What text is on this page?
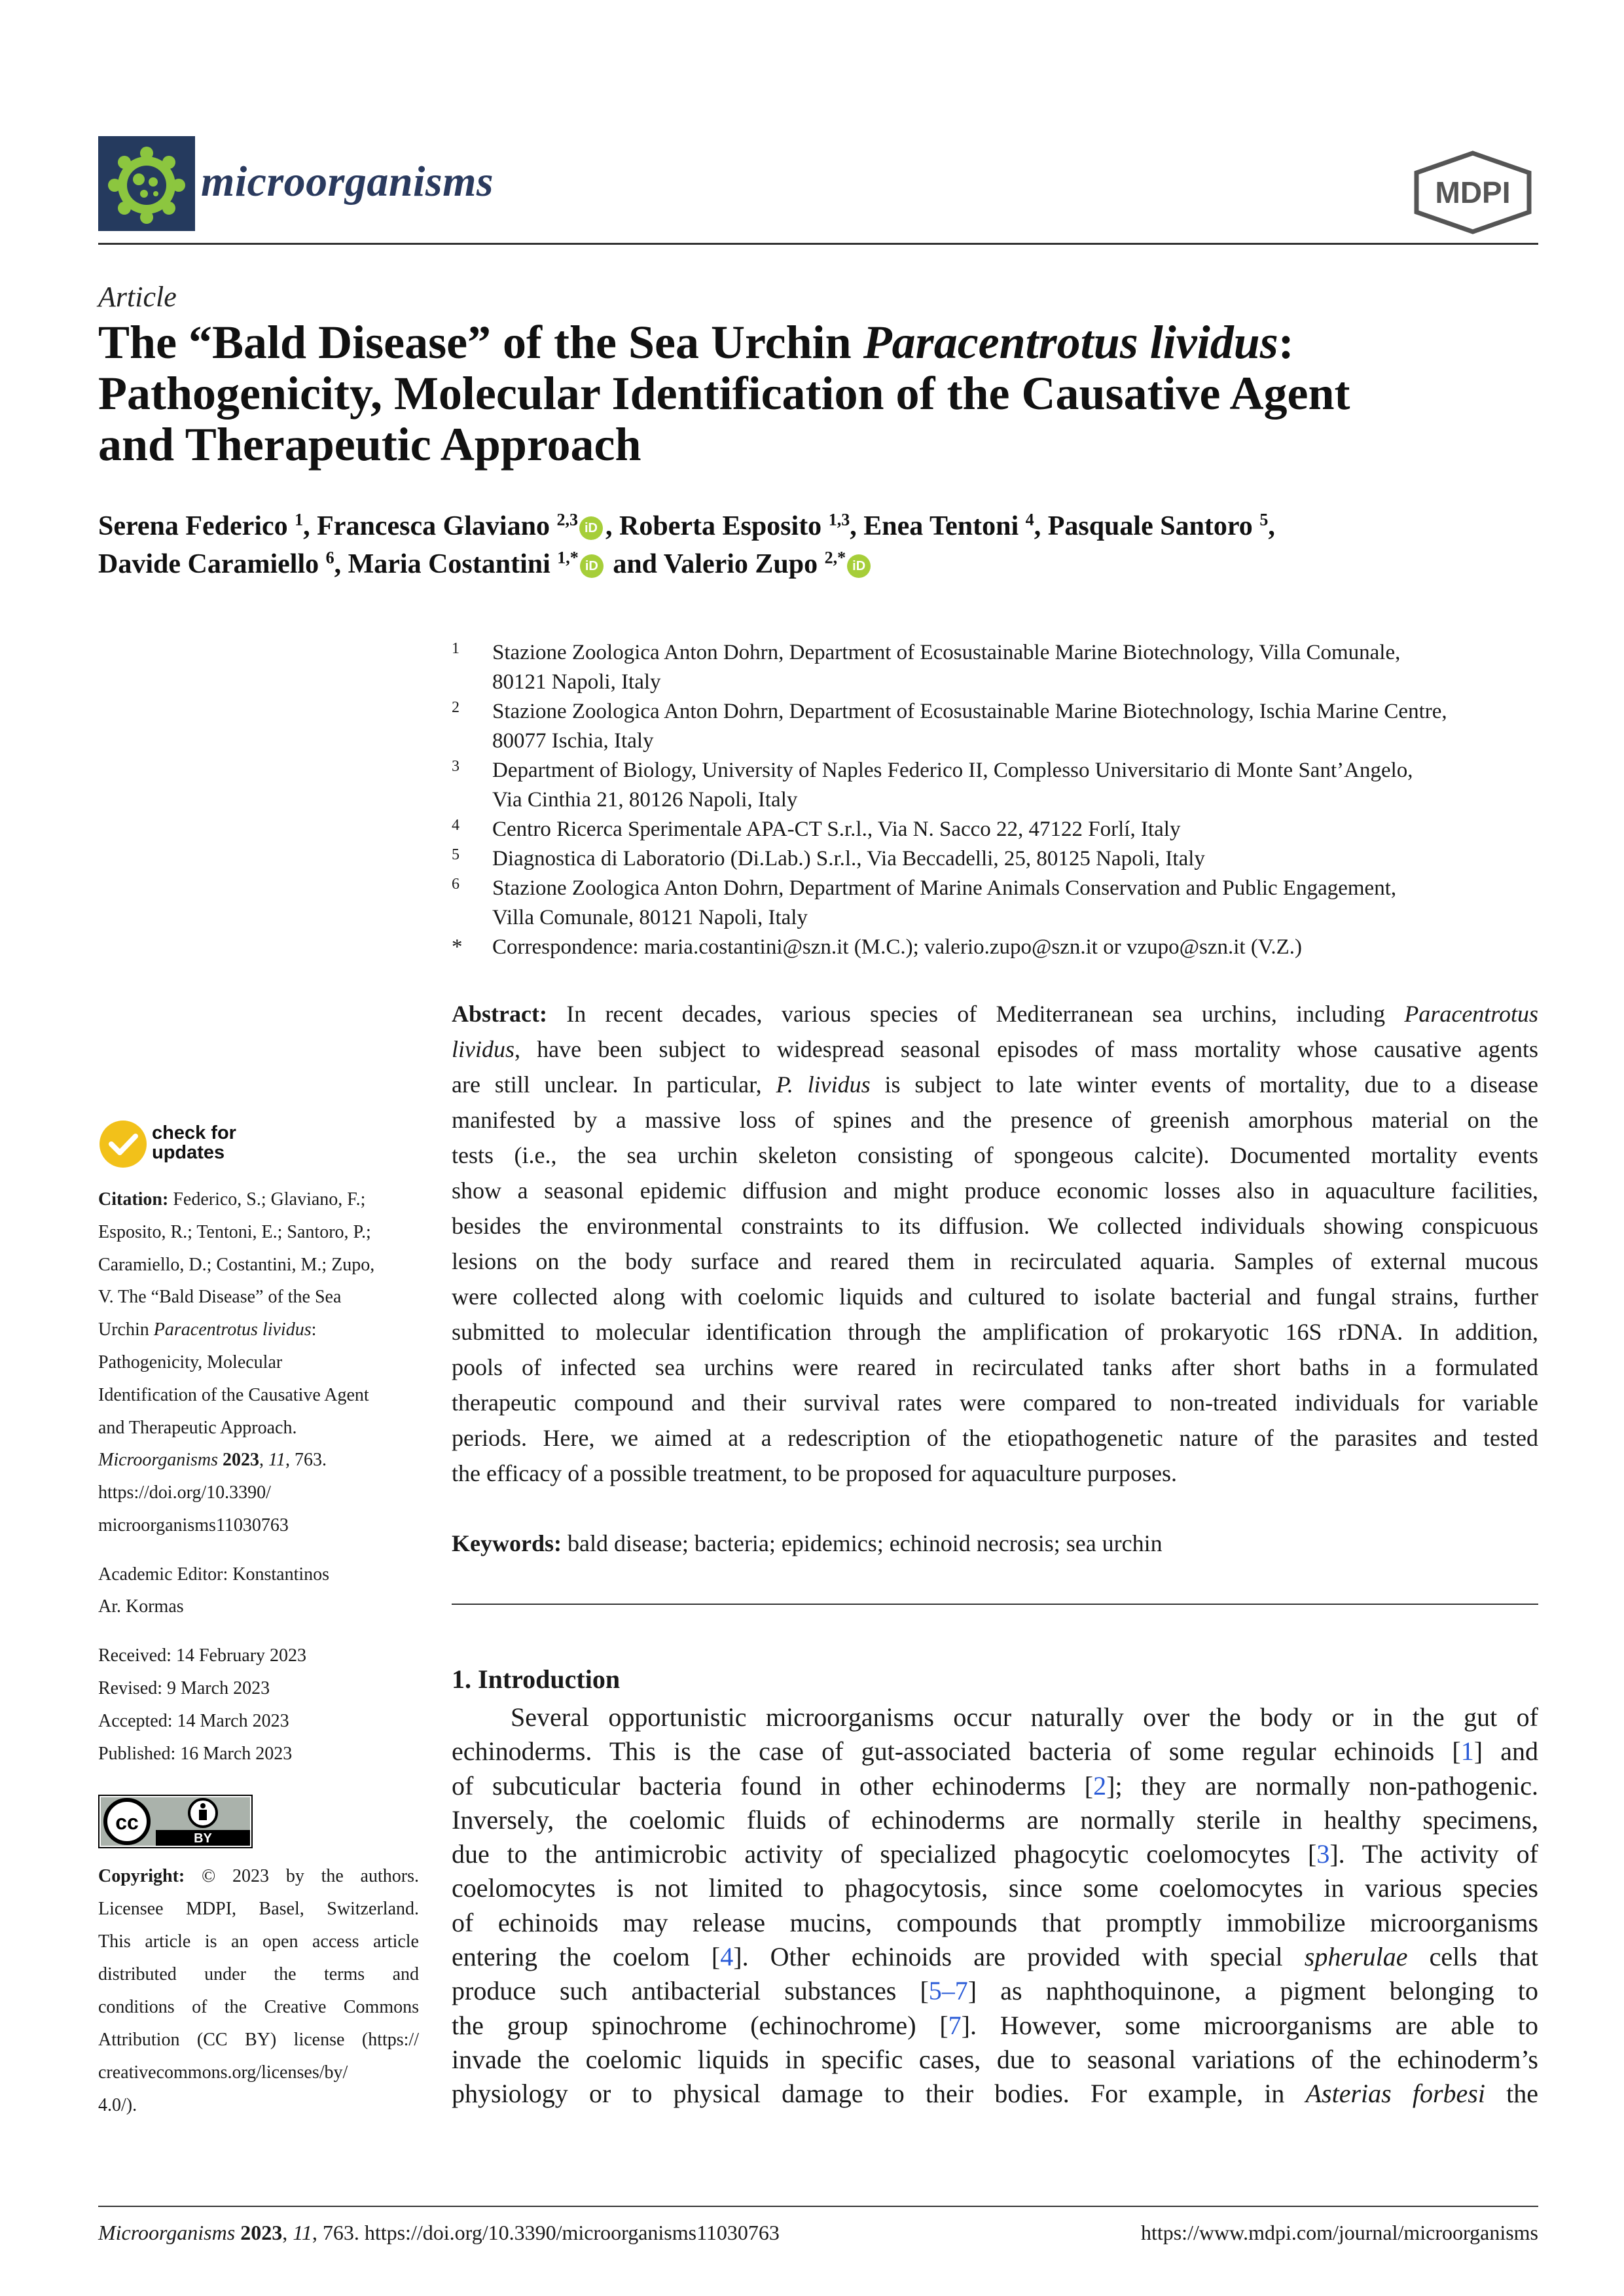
microorganisms	MDPI
Article
The “Bald Disease” of the Sea Urchin Paracentrotus lividus:
Pathogenicity, Molecular Identification of the Causative Agent
and Therapeutic Approach
Serena Federico $^1$, Francesca Glaviano $^{2,3}$ iD , Roberta Esposito $^{1,3}$, Enea Tentoni $^4$, Pasquale Santoro $^5$,
Davide Caramiello $^6$, Maria Costantini $^{1,*}$ iD and Valerio Zupo $^{2,*}$ iD
1 Stazione Zoologica Anton Dohrn, Department of Ecosustainable Marine Biotechnology, Villa Comunale,
80121 Napoli, Italy
2 Stazione Zoologica Anton Dohrn, Department of Ecosustainable Marine Biotechnology, Ischia Marine Centre,
80077 Ischia, Italy
3 Department of Biology, University of Naples Federico II, Complesso Universitario di Monte Sant’Angelo,
Via Cinthia 21, 80126 Napoli, Italy
4 Centro Ricerca Sperimentale APA-CT S.r.l., Via N. Sacco 22, 47122 Forlí, Italy
5 Diagnostica di Laboratorio (Di.Lab.) S.r.l., Via Beccadelli, 25, 80125 Napoli, Italy
6 Stazione Zoologica Anton Dohrn, Department of Marine Animals Conservation and Public Engagement,
Villa Comunale, 80121 Napoli, Italy
* Correspondence: maria.costantini@szn.it (M.C.); valerio.zupo@szn.it or vzupo@szn.it (V.Z.)
Abstract: In recent decades, various species of Mediterranean sea urchins, including Paracentrotus
lividus, have been subject to widespread seasonal episodes of mass mortality whose causative agents
are still unclear. In particular, P. lividus is subject to late winter events of mortality, due to a disease
manifested by a massive loss of spines and the presence of greenish amorphous material on the
tests (i.e., the sea urchin skeleton consisting of spongeous calcite). Documented mortality events
show a seasonal epidemic diffusion and might produce economic losses also in aquaculture facilities,
besides the environmental constraints to its diffusion. We collected individuals showing conspicuous
lesions on the body surface and reared them in recirculated aquaria. Samples of external mucous
were collected along with coelomic liquids and cultured to isolate bacterial and fungal strains, further
submitted to molecular identification through the amplification of prokaryotic 16S rDNA. In addition,
pools of infected sea urchins were reared in recirculated tanks after short baths in a formulated
therapeutic compound and their survival rates were compared to non-treated individuals for variable
periods. Here, we aimed at a redescription of the etiopathogenetic nature of the parasites and tested
the efficacy of a possible treatment, to be proposed for aquaculture purposes.
Keywords: bald disease; bacteria; epidemics; echinoid necrosis; sea urchin
1. Introduction
Several opportunistic microorganisms occur naturally over the body or in the gut of
echinoderms. This is the case of gut-associated bacteria of some regular echinoids [1] and
of subcuticular bacteria found in other echinoderms [2]; they are normally non-pathogenic.
Inversely, the coelomic fluids of echinoderms are normally sterile in healthy specimens,
due to the antimicrobic activity of specialized phagocytic coelomocytes [3]. The activity of
coelomocytes is not limited to phagocytosis, since some coelomocytes in various species
of echinoids may release mucins, compounds that promptly immobilize microorganisms
entering the coelom [4]. Other echinoids are provided with special spherulae cells that
produce such antibacterial substances [5–7] as naphthoquinone, a pigment belonging to
the group spinochrome (echinochrome) [7]. However, some microorganisms are able to
invade the coelomic liquids in specific cases, due to seasonal variations of the echinoderm’s
physiology or to physical damage to their bodies. For example, in Asterias forbesi the
check for
updates
Citation: Federico, S.; Glaviano, F.;
Esposito, R.; Tentoni, E.; Santoro, P.;
Caramiello, D.; Costantini, M.; Zupo,
V. The “Bald Disease” of the Sea
Urchin Paracentrotus lividus:
Pathogenicity, Molecular
Identification of the Causative Agent
and Therapeutic Approach.
Microorganisms 2023, 11, 763.
https://doi.org/10.3390/
microorganisms11030763
Academic Editor: Konstantinos
Ar. Kormas
Received: 14 February 2023
Revised: 9 March 2023
Accepted: 14 March 2023
Published: 16 March 2023
cc
BY
Copyright: © 2023 by the authors.
Licensee MDPI, Basel, Switzerland.
This article is an open access article
distributed under the terms and
conditions of the Creative Commons
Attribution (CC BY) license (https://
creativecommons.org/licenses/by/
4.0/).
Microorganisms 2023, 11, 763. https://doi.org/10.3390/microorganisms11030763	https://www.mdpi.com/journal/microorganisms
